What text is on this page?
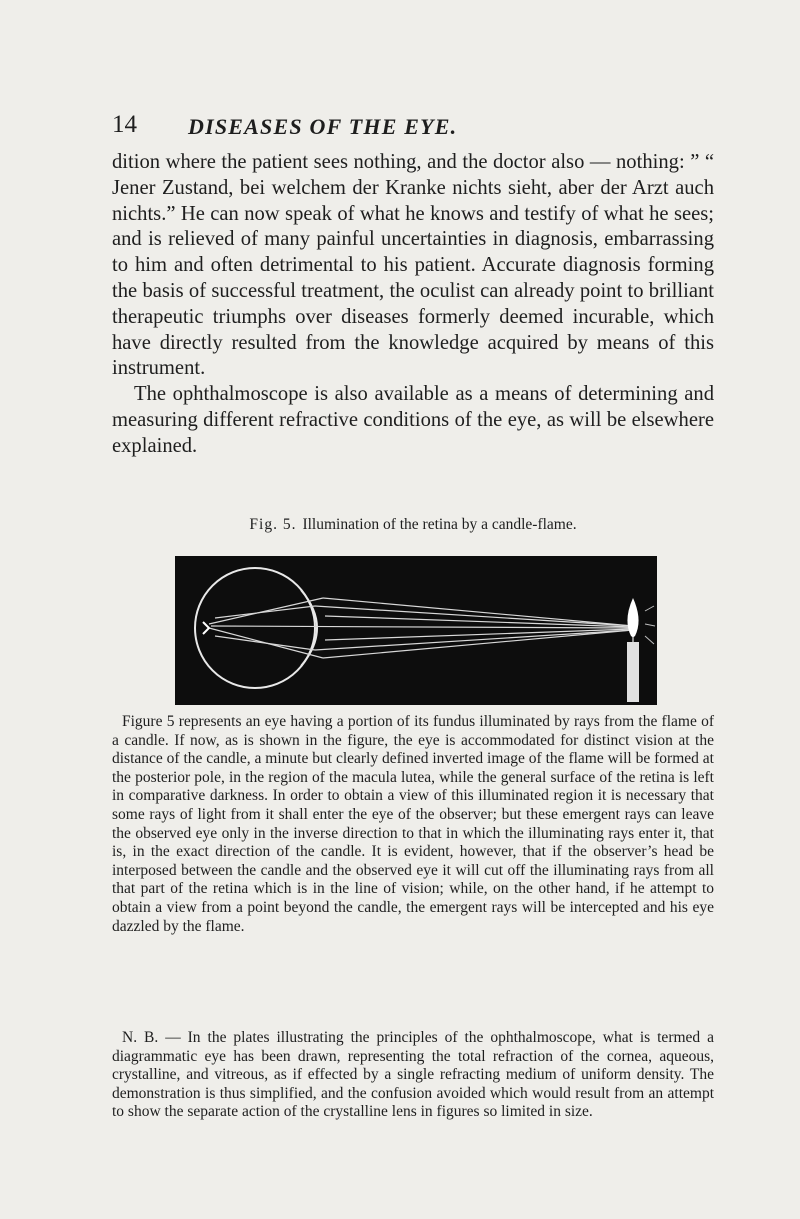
14 DISEASES OF THE EYE.

dition where the patient sees nothing, and the doctor also — nothing: ” “ Jener Zustand, bei welchem der Kranke nichts sieht, aber der Arzt auch nichts.” He can now speak of what he knows and testify of what he sees; and is relieved of many painful uncertainties in diagnosis, embarrassing to him and often detrimental to his patient. Accurate diagnosis forming the basis of successful treatment, the oculist can already point to brilliant therapeutic triumphs over diseases formerly deemed incurable, which have directly resulted from the knowledge acquired by means of this instrument.

The ophthalmoscope is also available as a means of determining and measuring different refractive conditions of the eye, as will be elsewhere explained.

Fig. 5. Illumination of the retina by a candle-flame.

Figure 5 represents an eye having a portion of its fundus illuminated by rays from the flame of a candle. If now, as is shown in the figure, the eye is accommodated for distinct vision at the distance of the candle, a minute but clearly defined inverted image of the flame will be formed at the posterior pole, in the region of the macula lutea, while the general surface of the retina is left in comparative darkness. In order to obtain a view of this illuminated region it is necessary that some rays of light from it shall enter the eye of the observer; but these emergent rays can leave the observed eye only in the inverse direction to that in which the illuminating rays enter it, that is, in the exact direction of the candle. It is evident, however, that if the observer’s head be interposed between the candle and the observed eye it will cut off the illuminating rays from all that part of the retina which is in the line of vision; while, on the other hand, if he attempt to obtain a view from a point beyond the candle, the emergent rays will be intercepted and his eye dazzled by the flame.

N. B. — In the plates illustrating the principles of the ophthalmoscope, what is termed a diagrammatic eye has been drawn, representing the total refraction of the cornea, aqueous, crystalline, and vitreous, as if effected by a single refracting medium of uniform density. The demonstration is thus simplified, and the confusion avoided which would result from an attempt to show the separate action of the crystalline lens in figures so limited in size.
